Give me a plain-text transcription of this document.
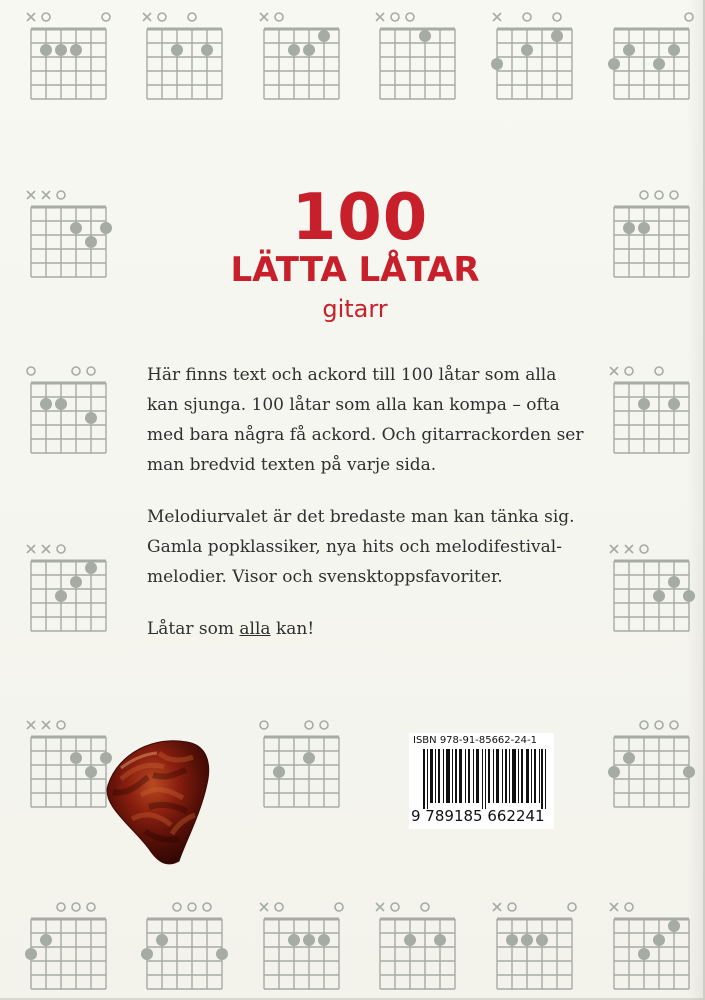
100
LÄTTA LÅTAR
gitarr

Här finns text och ackord till 100 låtar som alla
kan sjunga. 100 låtar som alla kan kompa – ofta
med bara några få ackord. Och gitarrackorden ser
man bredvid texten på varje sida.

Melodiurvalet är det bredaste man kan tänka sig.
Gamla popklassiker, nya hits och melodifestival-
melodier. Visor och svensktoppsfavoriter.

Låtar som alla kan!

ISBN 978-91-85662-24-1
9 789185 662241
